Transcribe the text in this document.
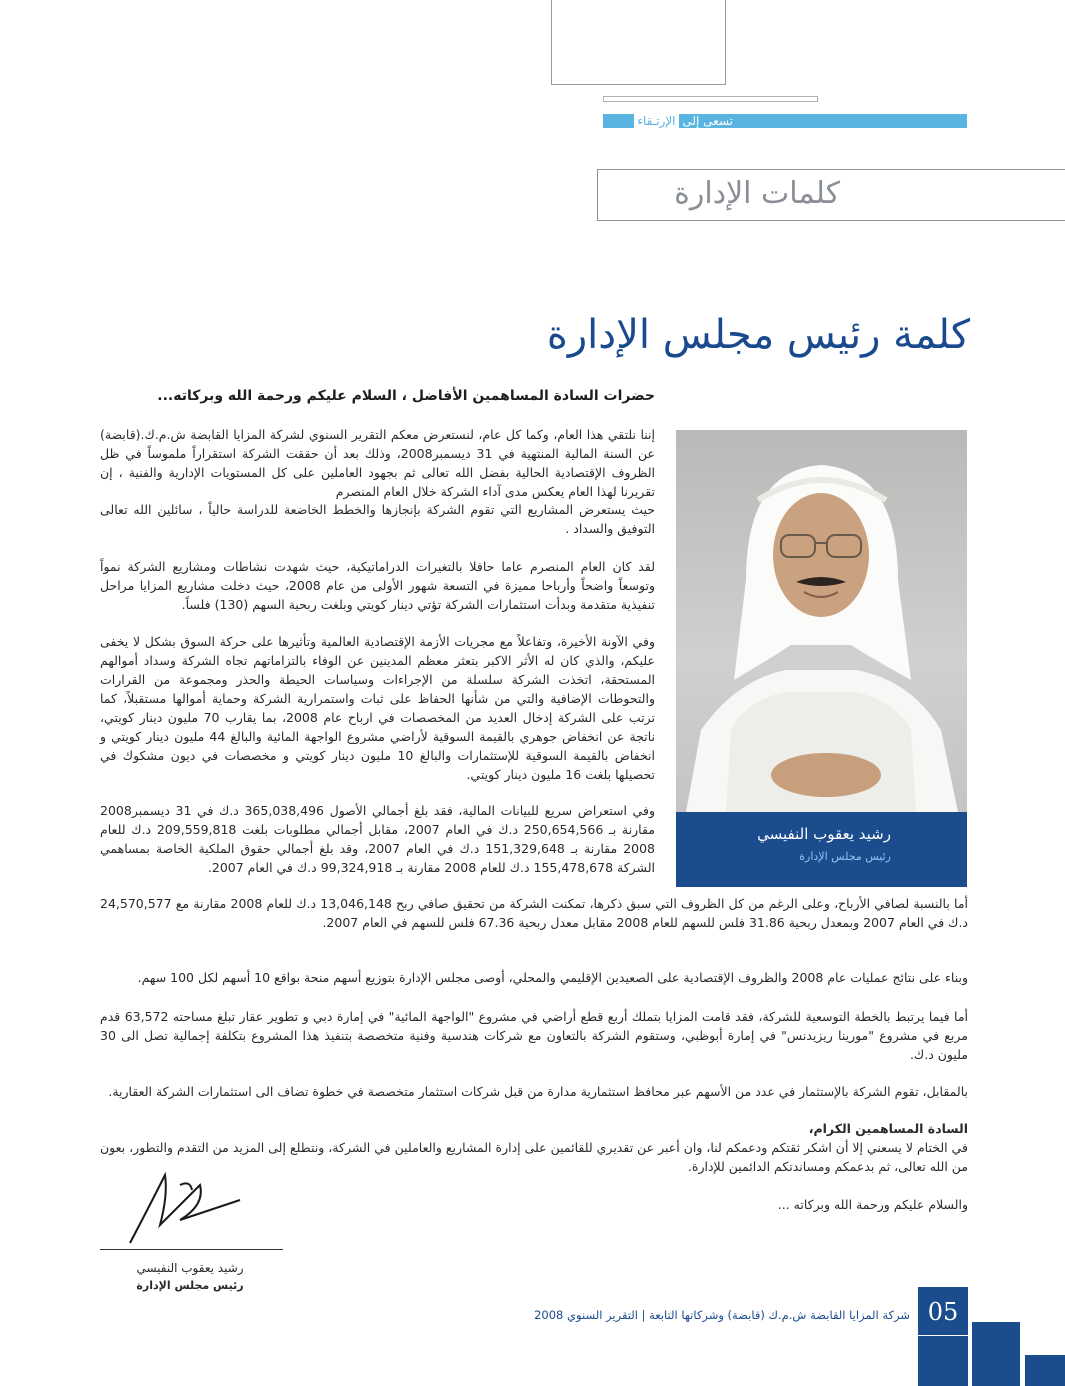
تسعى إلى الإرتـقاء
كلمات الإدارة
كلمة رئيس مجلس الإدارة
حضرات السادة المساهمين الأفاضل ، السلام عليكم ورحمة الله وبركاته...

إننا نلتقي هذا العام، وكما كل عام، لنستعرض معكم التقرير السنوي لشركة المزايا القابضة ش.م.ك.(قابضة) عن السنة المالية المنتهية في 31 ديسمبر2008، وذلك بعد أن حققت الشركة استقراراً ملموساً في ظل الظروف الإقتصادية الحالية بفضل الله تعالى ثم بجهود العاملين على كل المستويات الإدارية والفنية ، إن تقريرنا لهذا العام يعكس مدى آداء الشركة خلال العام المنصرم

حيث يستعرض المشاريع التي تقوم الشركة بإنجازها والخطط الخاضعة للدراسة حالياً ، سائلين الله تعالى التوفيق والسداد .

لقد كان العام المنصرم عاما حافلا بالتغيرات الدراماتيكية، حيث شهدت نشاطات ومشاريع الشركة نمواً وتوسعاً واضحاً وأرباحا مميزة في التسعة شهور الأولى من عام 2008، حيث دخلت مشاريع المزايا مراحل تنفيذية متقدمة وبدأت استثمارات الشركة تؤتي دينار كويتي وبلغت ربحية السهم (130) فلساً.

وفي الآونة الأخيرة، وتفاعلاً مع مجريات الأزمة الإقتصادية العالمية وتأثيرها على حركة السوق بشكل لا يخفى عليكم، والذي كان له الأثر الاكبر بتعثر معظم المدينين عن الوفاء بالتزاماتهم تجاه الشركة وسداد أموالهم المستحقة، اتخذت الشركة سلسلة من الإجراءات وسياسات الحيطة والحذر ومجموعة من القرارات والتحوطات الإضافية والتي من شأنها الحفاظ على ثبات واستمرارية الشركة وحماية أموالها مستقبلاً، كما ترتب على الشركة إدخال العديد من المخصصات في ارباح عام 2008، بما يقارب 70 مليون دينار كويتي، ناتجة عن انخفاض جوهري بالقيمة السوقية لأراضي مشروع الواجهة المائية والبالغ 44 مليون دينار كويتي و انخفاض بالقيمة السوقية للإستثمارات والبالغ 10 مليون دينار كويتي و مخصصات في ديون مشكوك في تحصيلها بلغت 16 مليون دينار كويتي.

وفي استعراض سريع للبيانات المالية، فقد بلغ أجمالي الأصول 365,038,496 د.ك في 31 ديسمبر2008 مقارنة بـ 250,654,566 د.ك في العام 2007، مقابل أجمالي مطلوبات بلغت 209,559,818 د.ك للعام 2008 مقارنة بـ 151,329,648 د.ك في العام 2007، وقد بلغ أجمالي حقوق الملكية الخاصة بمساهمي الشركة 155,478,678 د.ك للعام 2008 مقارنة بـ 99,324,918 د.ك في العام 2007.

رشيد يعقوب النفيسي
رئيس مجلس الإدارة

أما بالنسبة لصافي الأرباح، وعلى الرغم من كل الظروف التي سبق ذكرها، تمكنت الشركة من تحقيق صافي ربح 13,046,148 د.ك للعام 2008 مقارنة مع 24,570,577 د.ك في العام 2007 وبمعدل ربحية 31.86 فلس للسهم للعام 2008 مقابل معدل ربحية 67.36 فلس للسهم في العام 2007.

وبناء على نتائج عمليات عام 2008 والظروف الإقتصادية على الصعيدين الإقليمي والمحلي، أوصى مجلس الإدارة بتوزيع أسهم منحة بواقع 10 أسهم لكل 100 سهم.

أما فيما يرتبط بالخطة التوسعية للشركة، فقد قامت المزايا بتملك أربع قطع أراضي في مشروع "الواجهة المائية" في إمارة دبي و تطوير عقار تبلغ مساحته 63,572 قدم مربع في مشروع "مورينا ريزيدنس" في إمارة أبوظبي، وستقوم الشركة بالتعاون مع شركات هندسية وفنية متخصصة بتنفيذ هذا المشروع بتكلفة إجمالية تصل الى 30 مليون د.ك.

بالمقابل، تقوم الشركة بالإستثمار في عدد من الأسهم عبر محافظ استثمارية مدارة من قبل شركات استثمار متخصصة في خطوة تضاف الى استثمارات الشركة العقارية.

السادة المساهمين الكرام،

في الختام لا يسعني إلا أن اشكر ثقتكم ودعمكم لنا، وان أعبر عن تقديري للقائمين على إدارة المشاريع والعاملين في الشركة، ونتطلع إلى المزيد من التقدم والتطور، بعون من الله تعالى، ثم بدعمكم ومساندتكم الدائمين للإدارة.

والسلام عليكم ورحمة الله وبركاته ...

رشيد يعقوب النفيسي
رئيس مجلس الإدارة
شركة المزايا القابضة ش.م.ك (قابضة) وشركاتها التابعة | التقرير السنوي 2008 05
